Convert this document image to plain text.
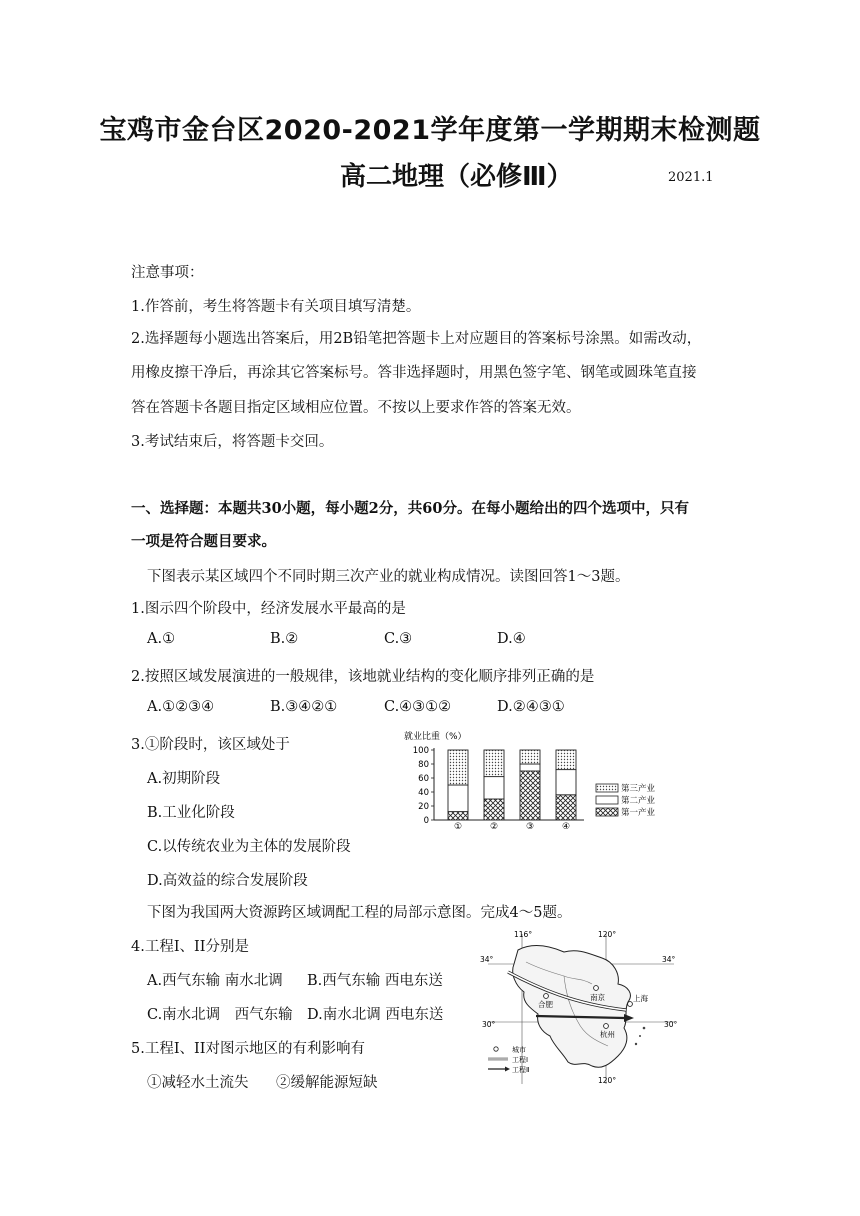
宝鸡市金台区2020-2021学年度第一学期期末检测题
高二地理（必修Ⅲ）	2021.1
注意事项：
1.作答前，考生将答题卡有关项目填写清楚。
2.选择题每小题选出答案后，用2B铅笔把答题卡上对应题目的答案标号涂黑。如需改动，
用橡皮擦干净后，再涂其它答案标号。答非选择题时，用黑色签字笔、钢笔或圆珠笔直接
答在答题卡各题目指定区域相应位置。不按以上要求作答的答案无效。
3.考试结束后，将答题卡交回。
一、选择题：本题共30小题，每小题2分，共60分。在每小题给出的四个选项中，只有
一项是符合题目要求。
下图表示某区域四个不同时期三次产业的就业构成情况。读图回答1～3题。
1.图示四个阶段中，经济发展水平最高的是
A.①	B.②	C.③	D.④
2.按照区域发展演进的一般规律，该地就业结构的变化顺序排列正确的是
A.①②③④	B.③④②①	C.④③①②	D.②④③①
3.①阶段时，该区域处于
A.初期阶段
B.工业化阶段
C.以传统农业为主体的发展阶段
D.高效益的综合发展阶段
就业比重（%）
0
20
40
60
80
100
①	②	③	④
第三产业
第二产业
第一产业
下图为我国两大资源跨区域调配工程的局部示意图。完成4～5题。
4.工程Ⅰ、II分别是
A.西气东输 南水北调 B.西气东输 西电东送
C.南水北调　西气东输 D.南水北调 西电东送
5.工程Ⅰ、II对图示地区的有利影响有
①减轻水土流失 ②缓解能源短缺
116°	120°
120°
34°	34°
30°	30°
南京
合肥
上海
杭州
城市
工程Ⅰ
工程Ⅱ
